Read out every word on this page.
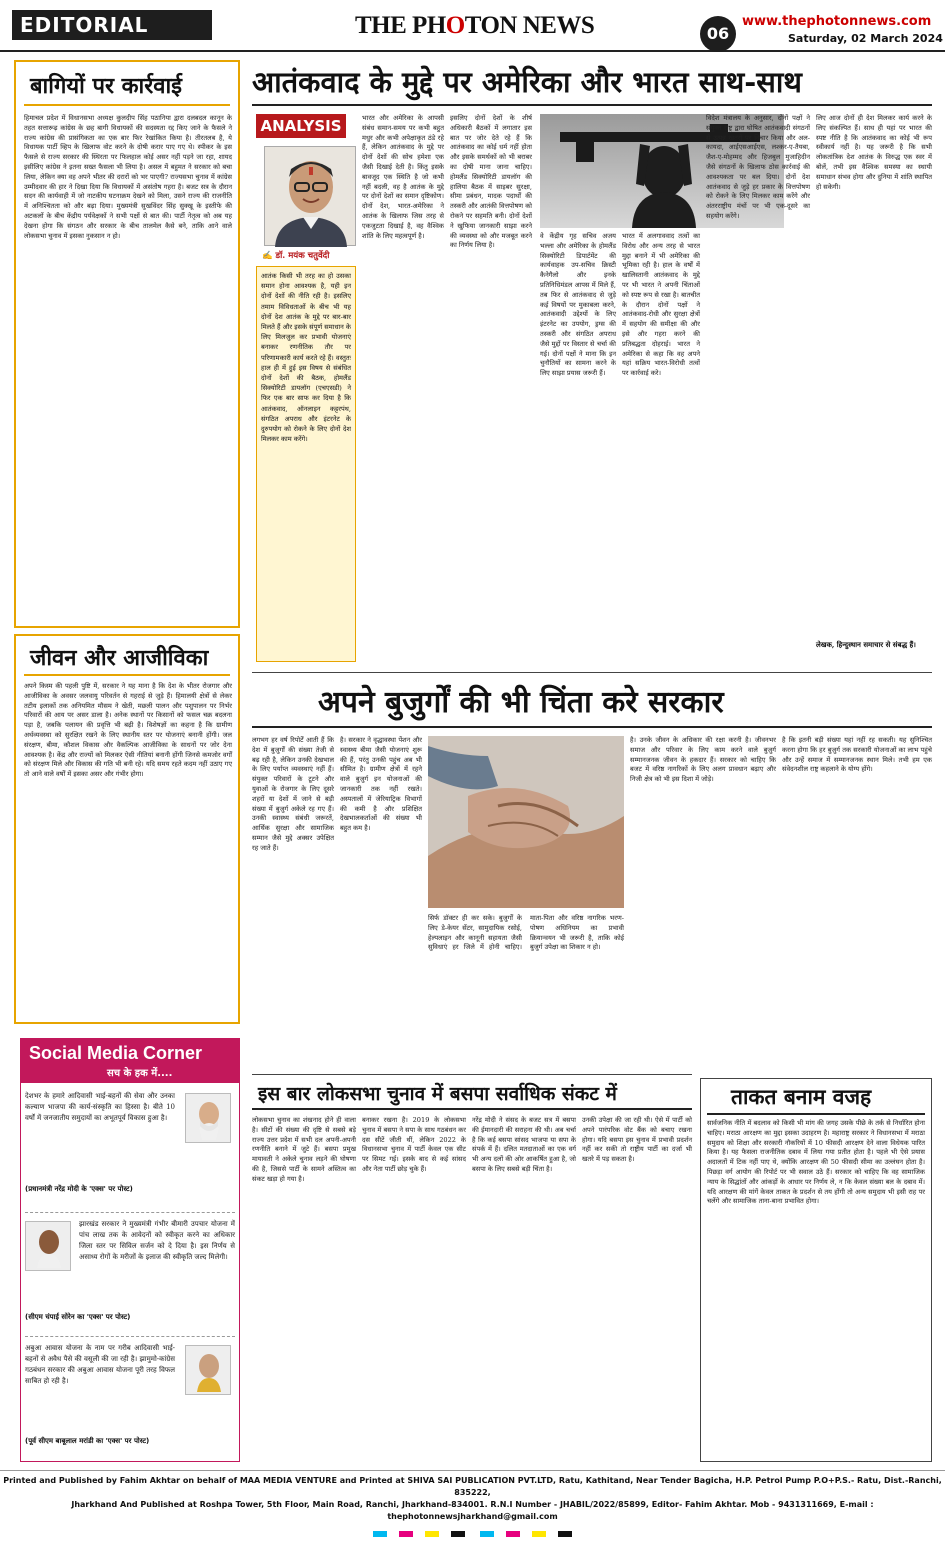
EDITORIAL	THE PHOTON NEWS	06
www.thephotonnews.com
Saturday, 02 March 2024
बागियों पर कार्रवाई
हिमाचल प्रदेश में विधानसभा अध्यक्ष कुलदीप सिंह पठानिया द्वारा दलबदल कानून के तहत सत्तारूढ़ कांग्रेस के छह बागी विधायकों की सदस्यता रद्द किए जाने के फैसले ने राज्य कांग्रेस की प्रासंगिकता का एक बार फिर रेखांकित किया है। तीरतलब है, ये विधायक पार्टी व्हिप के खिलाफ वोट करने के दोषी करार पाए गए थे। स्पीकर के इस फैसले से राज्य सरकार की स्थिरता पर फिलहाल कोई असर नहीं पड़ने जा रहा, शायद इसीलिए कांग्रेस ने इतना सख्त फैसला भी लिया है। असल में बहुमत ने सरकार को बचा लिया, लेकिन क्या वह अपने भीतर की दरारों को भर पाएगी? राज्यसभा चुनाव में कांग्रेस उम्मीदवार की हार ने दिखा दिया कि विधायकों में असंतोष गहरा है। बजट सत्र के दौरान सदन की कार्यवाही में जो नाटकीय घटनाक्रम देखने को मिला, उसने राज्य की राजनीति में अनिश्चितता को और बढ़ा दिया। मुख्यमंत्री सुखविंदर सिंह सुक्खू के इस्तीफे की अटकलों के बीच केंद्रीय पर्यवेक्षकों ने सभी पक्षों से बात की। पार्टी नेतृत्व को अब यह देखना होगा कि संगठन और सरकार के बीच तालमेल कैसे बने, ताकि आने वाले लोकसभा चुनाव में इसका नुकसान न हो।
जीवन और आजीविका
अपने किस्म की पहली पुष्टि में, सरकार ने यह माना है कि देश के भीतर रोजगार और आजीविका के अवसर जलवायु परिवर्तन से गहराई से जुड़े हैं। हिमालयी क्षेत्रों से लेकर तटीय इलाकों तक अनियमित मौसम ने खेती, मछली पालन और पशुपालन पर निर्भर परिवारों की आय पर असर डाला है। अनेक स्थानों पर किसानों को फसल चक्र बदलना पड़ा है, जबकि पलायन की प्रवृत्ति भी बढ़ी है। विशेषज्ञों का कहना है कि ग्रामीण अर्थव्यवस्था को सुरक्षित रखने के लिए स्थानीय स्तर पर योजनाएं बनानी होंगी। जल संरक्षण, बीमा, कौशल विकास और वैकल्पिक आजीविका के साधनों पर जोर देना आवश्यक है। केंद्र और राज्यों को मिलकर ऐसी नीतियां बनानी होंगी जिनसे कमजोर वर्गों को संरक्षण मिले और विकास की गति भी बनी रहे। यदि समय रहते कदम नहीं उठाए गए तो आने वाले वर्षों में इसका असर और गंभीर होगा।
आतंकवाद के मुद्दे पर अमेरिका और भारत साथ-साथ
ANALYSIS
✍ डॉ. मयंक चतुर्वेदी
आतंक किसी भी तरह का हो उसका समान होना आवश्यक है, यही इन दोनों देशों की नीति रही है। इसलिए तमाम विविधताओं के बीच भी यह दोनों देश आतंक के मुद्दे पर बार-बार मिलते हैं और इसके संपूर्ण समाधान के लिए मिलजुल कर प्रभावी योजनाएं बनाकर रणनीतिक तौर पर परिणामकारी कार्य करते रहे हैं। वस्तुतः हाल ही में हुई इस विषय से संबंधित दोनों देशों की बैठक, होमलैंड सिक्योरिटी डायलॉग (एचएसडी) ने फिर एक बार साफ कर दिया है कि आतंकवाद, ऑनलाइन कट्टरपंथ, संगठित अपराध और इंटरनेट के दुरुपयोग को रोकने के लिए दोनों देश मिलकर काम करेंगे।
भारत और अमेरिका के आपसी संबंध समान-समय पर कभी बहुत मधुर और कभी अपेक्षाकृत ठंडे रहे हैं, लेकिन आतंकवाद के मुद्दे पर दोनों देशों की सोच हमेशा एक जैसी दिखाई देती है। किंतु इसके बावजूद एक स्थिति है जो कभी नहीं बदली, वह है आतंक के मुद्दे पर दोनों देशों का समान दृष्टिकोण। दोनों देश, भारत-अमेरिका ने आतंक के खिलाफ जिस तरह से एकजुटता दिखाई है, वह वैश्विक शांति के लिए महत्वपूर्ण है।
इसलिए दोनों देशों के शीर्ष अधिकारी बैठकों में लगातार इस बात पर जोर देते रहे हैं कि आतंकवाद का कोई धर्म नहीं होता और इसके समर्थकों को भी बराबर का दोषी माना जाना चाहिए। होमलैंड सिक्योरिटी डायलॉग की हालिया बैठक में साइबर सुरक्षा, सीमा प्रबंधन, मादक पदार्थों की तस्करी और आतंकी वित्तपोषण को रोकने पर सहमति बनी। दोनों देशों ने खुफिया जानकारी साझा करने की व्यवस्था को और मजबूत करने का निर्णय लिया है।
वे केंद्रीय गृह सचिव अजय भल्ला और अमेरिका के होमलैंड सिक्योरिटी डिपार्टमेंट की कार्यवाहक उप-सचिव क्रिस्टी कैनेगैलो और इनके प्रतिनिधिमंडल आपस में मिले हैं, तब फिर से आतंकवाद से जुड़े कई विषयों पर मुकाबला करने, आतंकवादी उद्देश्यों के लिए इंटरनेट का उपयोग, ड्रग्स की तस्करी और संगठित अपराध जैसे मुद्दों पर विस्तार से चर्चा की गई। दोनों पक्षों ने माना कि इन चुनौतियों का सामना करने के लिए साझा प्रयास जरूरी हैं।
भारत में अलगाववाद तत्वों का विरोध और अन्य तरह से भारत मुद्दा बनाने में भी अमेरिका की भूमिका रही है। हाल के वर्षों में खालिस्तानी आतंकवाद के मुद्दे पर भी भारत ने अपनी चिंताओं को स्पष्ट रूप से रखा है। बातचीत के दौरान दोनों पक्षों ने आतंकवाद-रोधी और सुरक्षा क्षेत्रों में सहयोग की समीक्षा की और इसे और गहरा करने की प्रतिबद्धता दोहराई। भारत ने अमेरिका से कहा कि वह अपने यहां सक्रिय भारत-विरोधी तत्वों पर कार्रवाई करे।
विदेश मंत्रालय के अनुसार, दोनों पक्षों ने संयुक्त राष्ट्र द्वारा घोषित आतंकवादी संगठनों से उत्पन्न खतरों पर विचार किया और अल-कायदा, आईएसआईएस, लश्कर-ए-तैयबा, जैश-ए-मोहम्मद और हिजबुल मुजाहिदीन जैसे संगठनों के खिलाफ ठोस कार्रवाई की आवश्यकता पर बल दिया। दोनों देश आतंकवाद से जुड़े हर प्रकार के वित्तपोषण को रोकने के लिए मिलकर काम करेंगे और अंतरराष्ट्रीय मंचों पर भी एक-दूसरे का सहयोग करेंगे।
लिए आज दोनों ही देश मिलकर कार्य करने के लिए संकल्पित हैं। साथ ही यहां पर भारत की स्पष्ट नीति है कि आतंकवाद का कोई भी रूप स्वीकार्य नहीं है। यह जरूरी है कि सभी लोकतांत्रिक देश आतंक के विरुद्ध एक स्वर में बोलें, तभी इस वैश्विक समस्या का स्थायी समाधान संभव होगा और दुनिया में शांति स्थापित हो सकेगी।
लेखक, हिन्दुस्थान समाचार से संबद्ध हैं।
अपने बुजुर्गों की भी चिंता करे सरकार
लगभग हर वर्ष रिपोर्टें आती हैं कि देश में बुजुर्गों की संख्या तेजी से बढ़ रही है, लेकिन उनकी देखभाल के लिए पर्याप्त व्यवस्थाएं नहीं हैं। संयुक्त परिवारों के टूटने और युवाओं के रोजगार के लिए दूसरे शहरों या देशों में जाने से बड़ी संख्या में बुजुर्ग अकेले रह गए हैं। उनकी स्वास्थ्य संबंधी जरूरतें, आर्थिक सुरक्षा और सामाजिक सम्मान जैसे मुद्दे अक्सर उपेक्षित रह जाते हैं।
है। सरकार ने वृद्धावस्था पेंशन और स्वास्थ्य बीमा जैसी योजनाएं शुरू की हैं, परंतु उनकी पहुंच अब भी सीमित है। ग्रामीण क्षेत्रों में रहने वाले बुजुर्ग इन योजनाओं की जानकारी तक नहीं रखते। अस्पतालों में जेरियाट्रिक विभागों की कमी है और प्रशिक्षित देखभालकर्ताओं की संख्या भी बहुत कम है।
सिर्फ डॉक्टर ही कर सके। बुजुर्गों के लिए डे-केयर सेंटर, सामुदायिक रसोई, हेल्पलाइन और कानूनी सहायता जैसी सुविधाएं हर जिले में होनी चाहिए। माता-पिता और वरिष्ठ नागरिक भरण-पोषण अधिनियम का प्रभावी क्रियान्वयन भी जरूरी है, ताकि कोई बुजुर्ग उपेक्षा का शिकार न हो।
है। उनके जीवन के अधिकार की रक्षा करनी है। जीवनभर समाज और परिवार के लिए काम करने वाले बुजुर्ग सम्मानजनक जीवन के हकदार हैं। सरकार को चाहिए कि बजट में वरिष्ठ नागरिकों के लिए अलग प्रावधान बढ़ाए और निजी क्षेत्र को भी इस दिशा में जोड़े।
है कि इतनी बड़ी संख्या यहां नहीं रह सकती। यह सुनिश्चित करना होगा कि हर बुजुर्ग तक सरकारी योजनाओं का लाभ पहुंचे और उन्हें समाज में सम्मानजनक स्थान मिले। तभी हम एक संवेदनशील राष्ट्र कहलाने के योग्य होंगे।
Social Media Corner
सच के हक में....
देशभर के हमारे आदिवासी भाई-बहनों की सेवा और उनका कल्याण भाजपा की कार्य-संस्कृति का हिस्सा है। बीते 10 वर्षों में जनजातीय समुदायों का अभूतपूर्व विकास हुआ है।
(प्रधानमंत्री नरेंद्र मोदी के 'एक्स' पर पोस्ट)
झारखंड सरकार ने मुख्यमंत्री गंभीर बीमारी उपचार योजना में पांच लाख तक के आवेदनों को स्वीकृत करने का अधिकार जिला स्तर पर सिविल सर्जन को दे दिया है। इस निर्णय से असाध्य रोगों के मरीजों के इलाज की स्वीकृति जल्द मिलेगी।
(सीएम चंपाई सोरेन का 'एक्स' पर पोस्ट)
अबुआ आवास योजना के नाम पर गरीब आदिवासी भाई-बहनों से अवैध पैसे की वसूली की जा रही है। झामुमो-कांग्रेस गठबंधन सरकार की अबुआ आवास योजना पूरी तरह विफल साबित हो रही है।
(पूर्व सीएम बाबूलाल मरांडी का 'एक्स' पर पोस्ट)
इस बार लोकसभा चुनाव में बसपा सर्वाधिक संकट में
लोकसभा चुनाव का शंखनाद होने ही वाला है। सीटों की संख्या की दृष्टि से सबसे बड़े राज्य उत्तर प्रदेश में सभी दल अपनी-अपनी रणनीति बनाने में जुटे हैं। बसपा प्रमुख मायावती ने अकेले चुनाव लड़ने की घोषणा की है, जिससे पार्टी के सामने अस्तित्व का संकट खड़ा हो गया है।
बनाकर रखना है। 2019 के लोकसभा चुनाव में बसपा ने सपा के साथ गठबंधन कर दस सीटें जीती थीं, लेकिन 2022 के विधानसभा चुनाव में पार्टी केवल एक सीट पर सिमट गई। इसके बाद से कई सांसद और नेता पार्टी छोड़ चुके हैं।
नरेंद्र मोदी ने संसद के बजट सत्र में बसपा की ईमानदारी की सराहना की थी। अब चर्चा है कि कई बसपा सांसद भाजपा या सपा के संपर्क में हैं। दलित मतदाताओं का एक वर्ग भी अन्य दलों की ओर आकर्षित हुआ है, जो बसपा के लिए सबसे बड़ी चिंता है।
उनकी उपेक्षा की जा रही थी। ऐसे में पार्टी को अपने पारंपरिक वोट बैंक को बचाए रखना होगा। यदि बसपा इस चुनाव में प्रभावी प्रदर्शन नहीं कर सकी तो राष्ट्रीय पार्टी का दर्जा भी खतरे में पड़ सकता है।
ताकत बनाम वजह
सार्वजनिक नीति में बदलाव को किसी भी मांग की जगह उसके पीछे के तर्क से निर्धारित होना चाहिए। मराठा आरक्षण का मुद्दा इसका उदाहरण है। महाराष्ट्र सरकार ने विधानसभा में मराठा समुदाय को शिक्षा और सरकारी नौकरियों में 10 फीसदी आरक्षण देने वाला विधेयक पारित किया है। यह फैसला राजनीतिक दबाव में लिया गया प्रतीत होता है। पहले भी ऐसे प्रयास अदालतों में टिक नहीं पाए थे, क्योंकि आरक्षण की 50 फीसदी सीमा का उल्लंघन होता है। पिछड़ा वर्ग आयोग की रिपोर्ट पर भी सवाल उठे हैं। सरकार को चाहिए कि वह सामाजिक न्याय के सिद्धांतों और आंकड़ों के आधार पर निर्णय ले, न कि केवल संख्या बल के दबाव में। यदि आरक्षण की मांगें केवल ताकत के प्रदर्शन से तय होंगी तो अन्य समुदाय भी इसी राह पर चलेंगे और सामाजिक ताना-बाना प्रभावित होगा।
Printed and Published by Fahim Akhtar on behalf of MAA MEDIA VENTURE and Printed at SHIVA SAI PUBLICATION PVT.LTD, Ratu, Kathitand, Near Tender Bagicha, H.P. Petrol Pump P.O+P.S.- Ratu, Dist.-Ranchi, 835222,
Jharkhand And Published at Roshpa Tower, 5th Floor, Main Road, Ranchi, Jharkhand-834001. R.N.I Number - JHABIL/2022/85899, Editor- Fahim Akhtar. Mob - 9431311669, E-mail : thephotonnewsjharkhand@gmail.com
